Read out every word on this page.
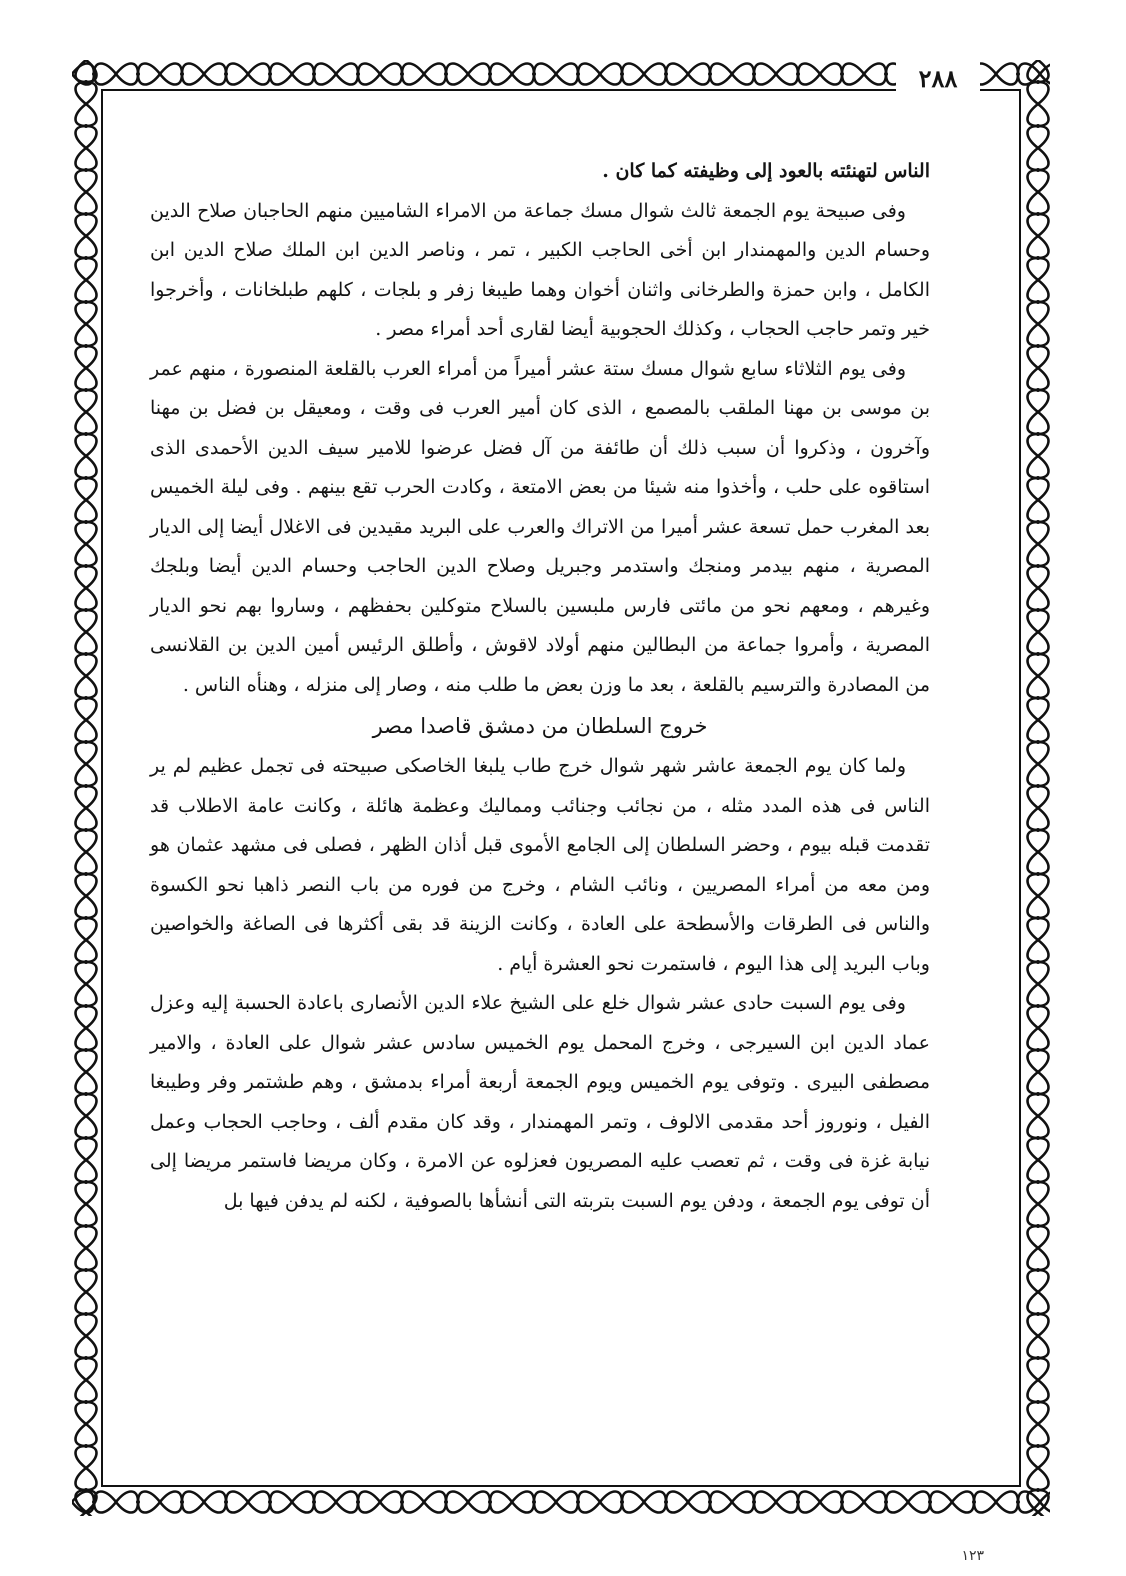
٢٨٨

الناس لتهنئته بالعود إلى وظيفته كما كان .

وفى صبيحة يوم الجمعة ثالث شوال مسك جماعة من الامراء الشاميين منهم الحاجبان صلاح الدين وحسام الدين والمهمندار ابن أخى الحاجب الكبير ، تمر ، وناصر الدين ابن الملك صلاح الدين ابن الكامل ، وابن حمزة والطرخانى واثنان أخوان وهما طيبغا زفر و بلجات ، كلهم طبلخانات ، وأخرجوا خير وتمر حاجب الحجاب ، وكذلك الحجوبية أيضا لقارى أحد أمراء مصر .

وفى يوم الثلاثاء سابع شوال مسك ستة عشر أميراً من أمراء العرب بالقلعة المنصورة ، منهم عمر بن موسى بن مهنا الملقب بالمصمع ، الذى كان أمير العرب فى وقت ، ومعيقل بن فضل بن مهنا وآخرون ، وذكروا أن سبب ذلك أن طائفة من آل فضل عرضوا للامير سيف الدين الأحمدى الذى استاقوه على حلب ، وأخذوا منه شيئا من بعض الامتعة ، وكادت الحرب تقع بينهم . وفى ليلة الخميس بعد المغرب حمل تسعة عشر أميرا من الاتراك والعرب على البريد مقيدين فى الاغلال أيضا إلى الديار المصرية ، منهم بيدمر ومنجك واستدمر وجبريل وصلاح الدين الحاجب وحسام الدين أيضا وبلجك وغيرهم ، ومعهم نحو من مائتى فارس ملبسين بالسلاح متوكلين بحفظهم ، وساروا بهم نحو الديار المصرية ، وأمروا جماعة من البطالين منهم أولاد لاقوش ، وأطلق الرئيس أمين الدين بن القلانسى من المصادرة والترسيم بالقلعة ، بعد ما وزن بعض ما طلب منه ، وصار إلى منزله ، وهنأه الناس .

خروج السلطان من دمشق قاصدا مصر

ولما كان يوم الجمعة عاشر شهر شوال خرج طاب يلبغا الخاصكى صبيحته فى تجمل عظيم لم ير الناس فى هذه المدد مثله ، من نجائب وجنائب ومماليك وعظمة هائلة ، وكانت عامة الاطلاب قد تقدمت قبله بيوم ، وحضر السلطان إلى الجامع الأموى قبل أذان الظهر ، فصلى فى مشهد عثمان هو ومن معه من أمراء المصريين ، ونائب الشام ، وخرج من فوره من باب النصر ذاهبا نحو الكسوة والناس فى الطرقات والأسطحة على العادة ، وكانت الزينة قد بقى أكثرها فى الصاغة والخواصين وباب البريد إلى هذا اليوم ، فاستمرت نحو العشرة أيام .

وفى يوم السبت حادى عشر شوال خلع على الشيخ علاء الدين الأنصارى باعادة الحسبة إليه وعزل عماد الدين ابن السيرجى ، وخرج المحمل يوم الخميس سادس عشر شوال على العادة ، والامير مصطفى البيرى . وتوفى يوم الخميس ويوم الجمعة أربعة أمراء بدمشق ، وهم طشتمر وفر وطيبغا الفيل ، ونوروز أحد مقدمى الالوف ، وتمر المهمندار ، وقد كان مقدم ألف ، وحاجب الحجاب وعمل نيابة غزة فى وقت ، ثم تعصب عليه المصريون فعزلوه عن الامرة ، وكان مريضا فاستمر مريضا إلى أن توفى يوم الجمعة ، ودفن يوم السبت بتربته التى أنشأها بالصوفية ، لكنه لم يدفن فيها بل

١٢٣
